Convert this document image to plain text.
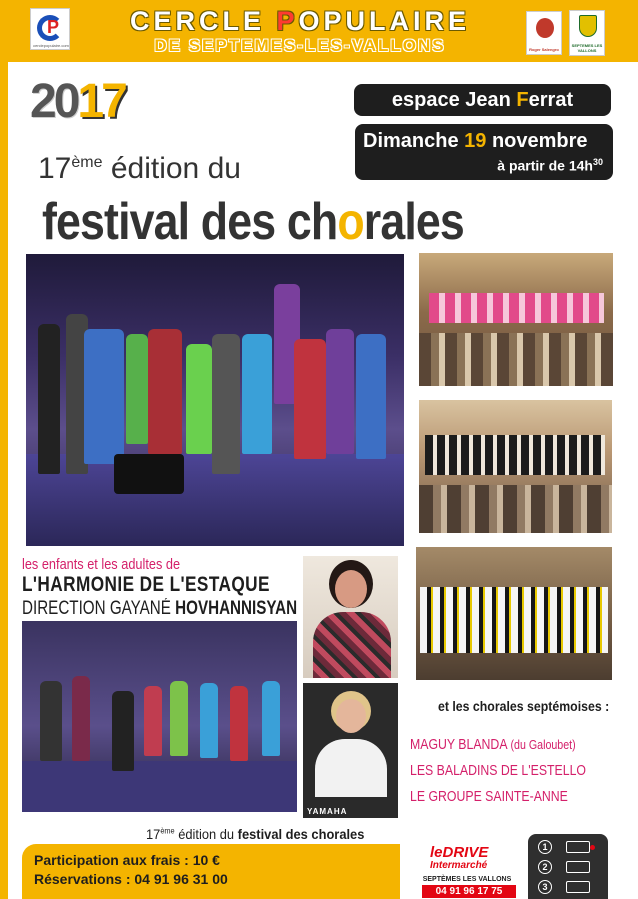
P
cerclepopulaire.com
CERCLE POPULAIRE
DE SEPTEMES-LES-VALLONS	Roger Salengro
SEPTEMES LES VALLONS
2017	espace Jean Ferrat
Dimanche 19 novembre
à partir de $14h^{30}$
17ème édition du
festival des chorales
les enfants et les adultes de
L'HARMONIE DE L'ESTAQUE
DIRECTION GAYANÉ HOVHANNISYAN
YAMAHA
et les chorales septémoises :
MAGUY BLANDA (du Galoubet)
LES BALADINS DE L'ESTELLO
LE GROUPE SAINTE-ANNE
17ème édition du festival des chorales
Participation aux frais : 10 €
Réservations : 04 91 96 31 00
leDRIVE
Intermarché
SEPTÈMES LES VALLONS
04 91 96 17 75
1
2
3
